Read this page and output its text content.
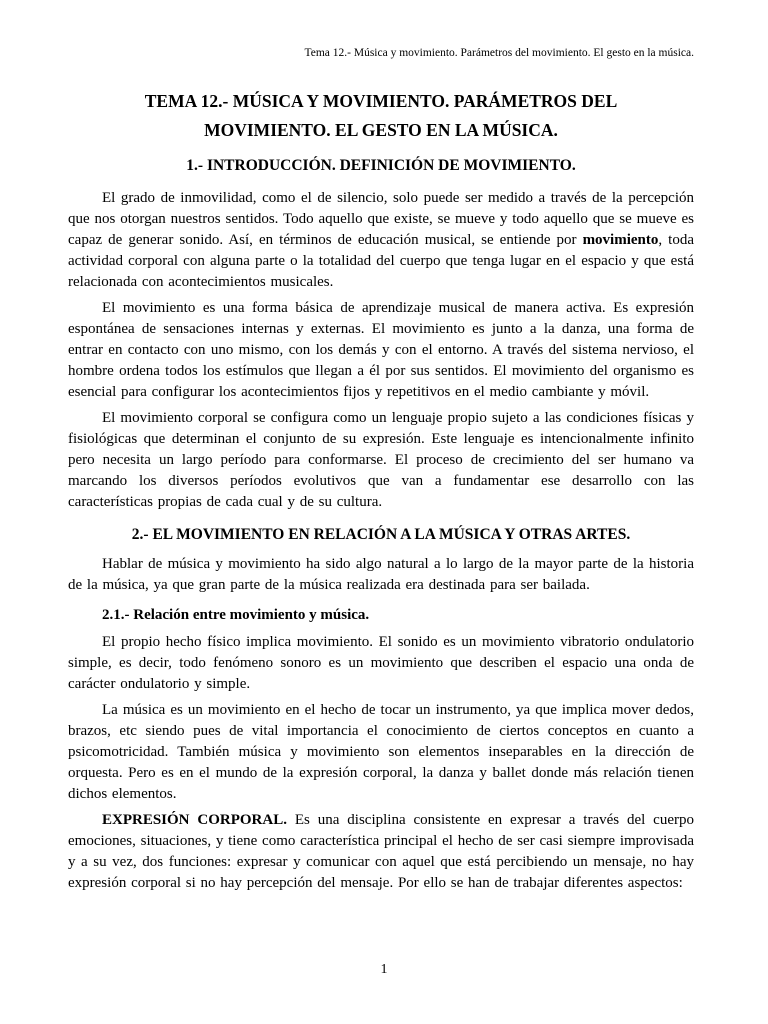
Tema 12.- Música y movimiento. Parámetros del movimiento. El gesto en la música.
TEMA 12.- MÚSICA Y MOVIMIENTO. PARÁMETROS DEL MOVIMIENTO. EL GESTO EN LA MÚSICA.
1.- INTRODUCCIÓN. DEFINICIÓN DE MOVIMIENTO.

El grado de inmovilidad, como el de silencio, solo puede ser medido a través de la percepción que nos otorgan nuestros sentidos. Todo aquello que existe, se mueve y todo aquello que se mueve es capaz de generar sonido. Así, en términos de educación musical, se entiende por movimiento, toda actividad corporal con alguna parte o la totalidad del cuerpo que tenga lugar en el espacio y que está relacionada con acontecimientos musicales.

El movimiento es una forma básica de aprendizaje musical de manera activa. Es expresión espontánea de sensaciones internas y externas. El movimiento es junto a la danza, una forma de entrar en contacto con uno mismo, con los demás y con el entorno. A través del sistema nervioso, el hombre ordena todos los estímulos que llegan a él por sus sentidos. El movimiento del organismo es esencial para configurar los acontecimientos fijos y repetitivos en el medio cambiante y móvil.

El movimiento corporal se configura como un lenguaje propio sujeto a las condiciones físicas y fisiológicas que determinan el conjunto de su expresión. Este lenguaje es intencionalmente infinito pero necesita un largo período para conformarse. El proceso de crecimiento del ser humano va marcando los diversos períodos evolutivos que van a fundamentar ese desarrollo con las características propias de cada cual y de su cultura.

2.- EL MOVIMIENTO EN RELACIÓN A LA MÚSICA Y OTRAS ARTES.

Hablar de música y movimiento ha sido algo natural a lo largo de la mayor parte de la historia de la música, ya que gran parte de la música realizada era destinada para ser bailada.

2.1.- Relación entre movimiento y música.

El propio hecho físico implica movimiento. El sonido es un movimiento vibratorio ondulatorio simple, es decir, todo fenómeno sonoro es un movimiento que describen el espacio una onda de carácter ondulatorio y simple.

La música es un movimiento en el hecho de tocar un instrumento, ya que implica mover dedos, brazos, etc siendo pues de vital importancia el conocimiento de ciertos conceptos en cuanto a psicomotricidad. También música y movimiento son elementos inseparables en la dirección de orquesta. Pero es en el mundo de la expresión corporal, la danza y ballet donde más relación tienen dichos elementos.

EXPRESIÓN CORPORAL. Es una disciplina consistente en expresar a través del cuerpo emociones, situaciones, y tiene como característica principal el hecho de ser casi siempre improvisada y a su vez, dos funciones: expresar y comunicar con aquel que está percibiendo un mensaje, no hay expresión corporal si no hay percepción del mensaje. Por ello se han de trabajar diferentes aspectos:

1
